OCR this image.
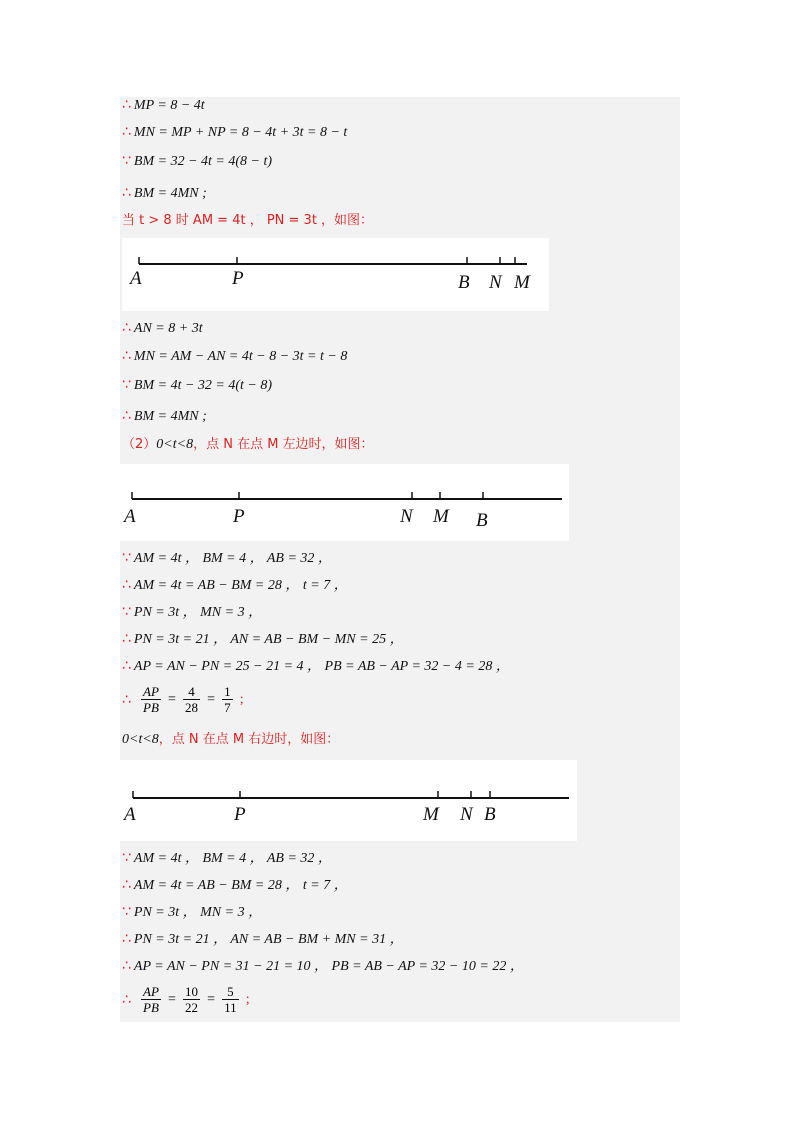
∴ MP = 8 − 4t
∴ MN = MP + NP = 8 − 4t + 3t = 8 − t
∵ BM = 32 − 4t = 4(8 − t)
∴ BM = 4MN ;
当 t > 8 时 AM = 4t ， PN = 3t ，如图：
A	P	B N M
∴ AN = 8 + 3t
∴ MN = AM − AN = 4t − 8 − 3t = t − 8
∵ BM = 4t − 32 = 4(t − 8)
∴ BM = 4MN ;
（2）0<t<8，点 N 在点 M 左边时，如图：
A	P	N M B
∵ AM = 4t ， BM = 4 ， AB = 32 ，
∴ AM = 4t = AB − BM = 28 ， t = 7 ，
∵ PN = 3t ， MN = 3 ，
∴ PN = 3t = 21 ， AN = AB − BM − MN = 25 ，
∴ AP = AN − PN = 25 − 21 = 4 ， PB = AB − AP = 32 − 4 = 28 ，
∴ $\frac{AP}{PB} = \frac{4}{28} = \frac{1}{7}$ ;
0<t<8，点 N 在点 M 右边时，如图：
A	P	M N B
∵ AM = 4t ， BM = 4 ， AB = 32 ，
∴ AM = 4t = AB − BM = 28 ， t = 7 ，
∵ PN = 3t ， MN = 3 ，
∴ PN = 3t = 21 ， AN = AB − BM + MN = 31 ，
∴ AP = AN − PN = 31 − 21 = 10 ， PB = AB − AP = 32 − 10 = 22 ，
∴ $\frac{AP}{PB} = \frac{10}{22} = \frac{5}{11}$ ;
